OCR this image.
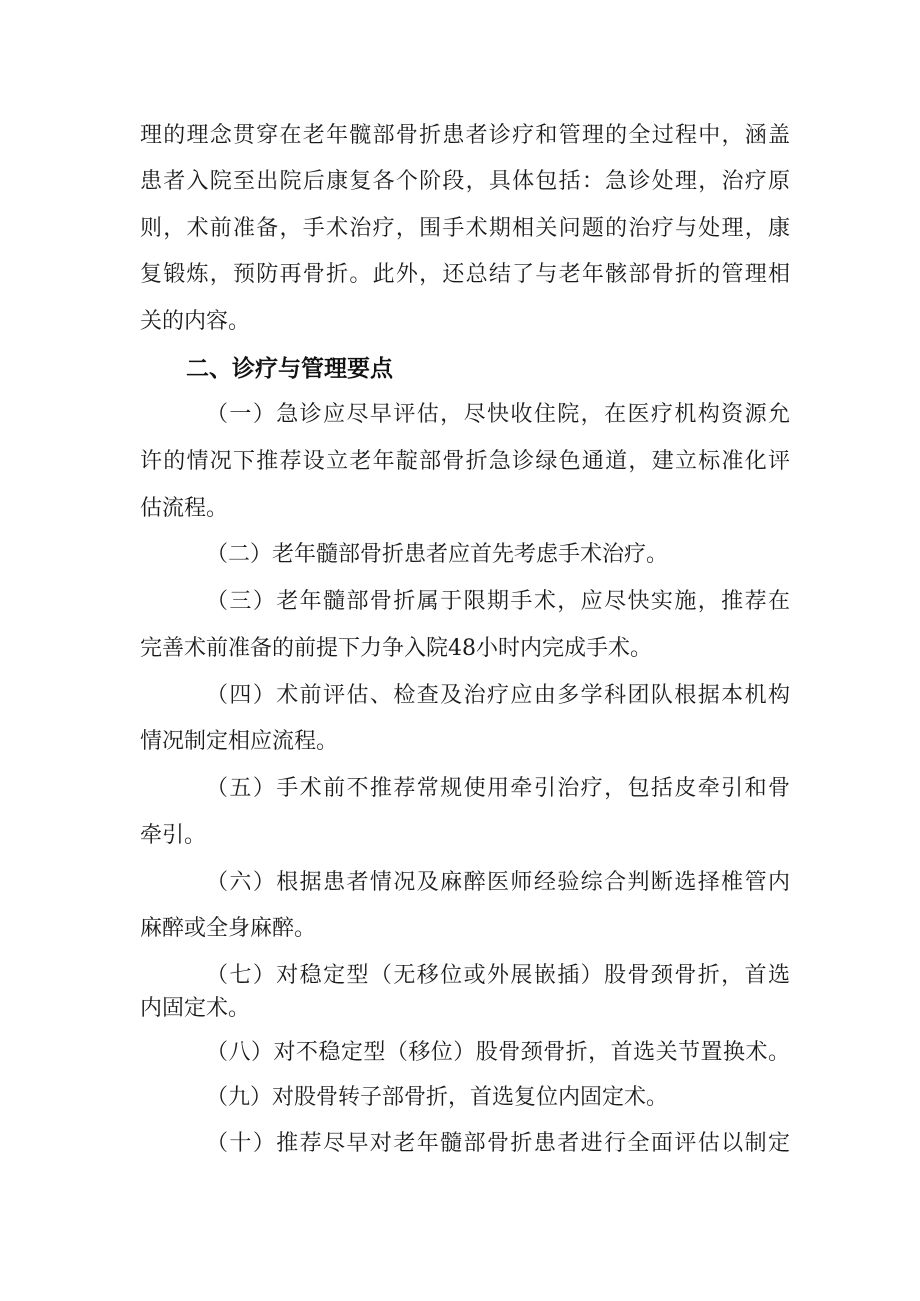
理的理念贯穿在老年髋部骨折患者诊疗和管理的全过程中，涵盖
患者入院至出院后康复各个阶段，具体包括：急诊处理，治疗原
则，术前准备，手术治疗，围手术期相关问题的治疗与处理，康
复锻炼，预防再骨折。此外，还总结了与老年骸部骨折的管理相
关的内容。
二、诊疗与管理要点
（一）急诊应尽早评估，尽快收住院，在医疗机构资源允
许的情况下推荐设立老年靛部骨折急诊绿色通道，建立标准化评
估流程。
（二）老年髓部骨折患者应首先考虑手术治疗。
（三）老年髓部骨折属于限期手术，应尽快实施，推荐在
完善术前准备的前提下力争入院48小时内完成手术。
（四）术前评估、检查及治疗应由多学科团队根据本机构
情况制定相应流程。
（五）手术前不推荐常规使用牵引治疗，包括皮牵引和骨
牵引。
（六）根据患者情况及麻醉医师经验综合判断选择椎管内
麻醉或全身麻醉。
（七）对稳定型（无移位或外展嵌插）股骨颈骨折，首选
内固定术。
（八）对不稳定型（移位）股骨颈骨折，首选关节置换术。
（九）对股骨转子部骨折，首选复位内固定术。
（十）推荐尽早对老年髓部骨折患者进行全面评估以制定
